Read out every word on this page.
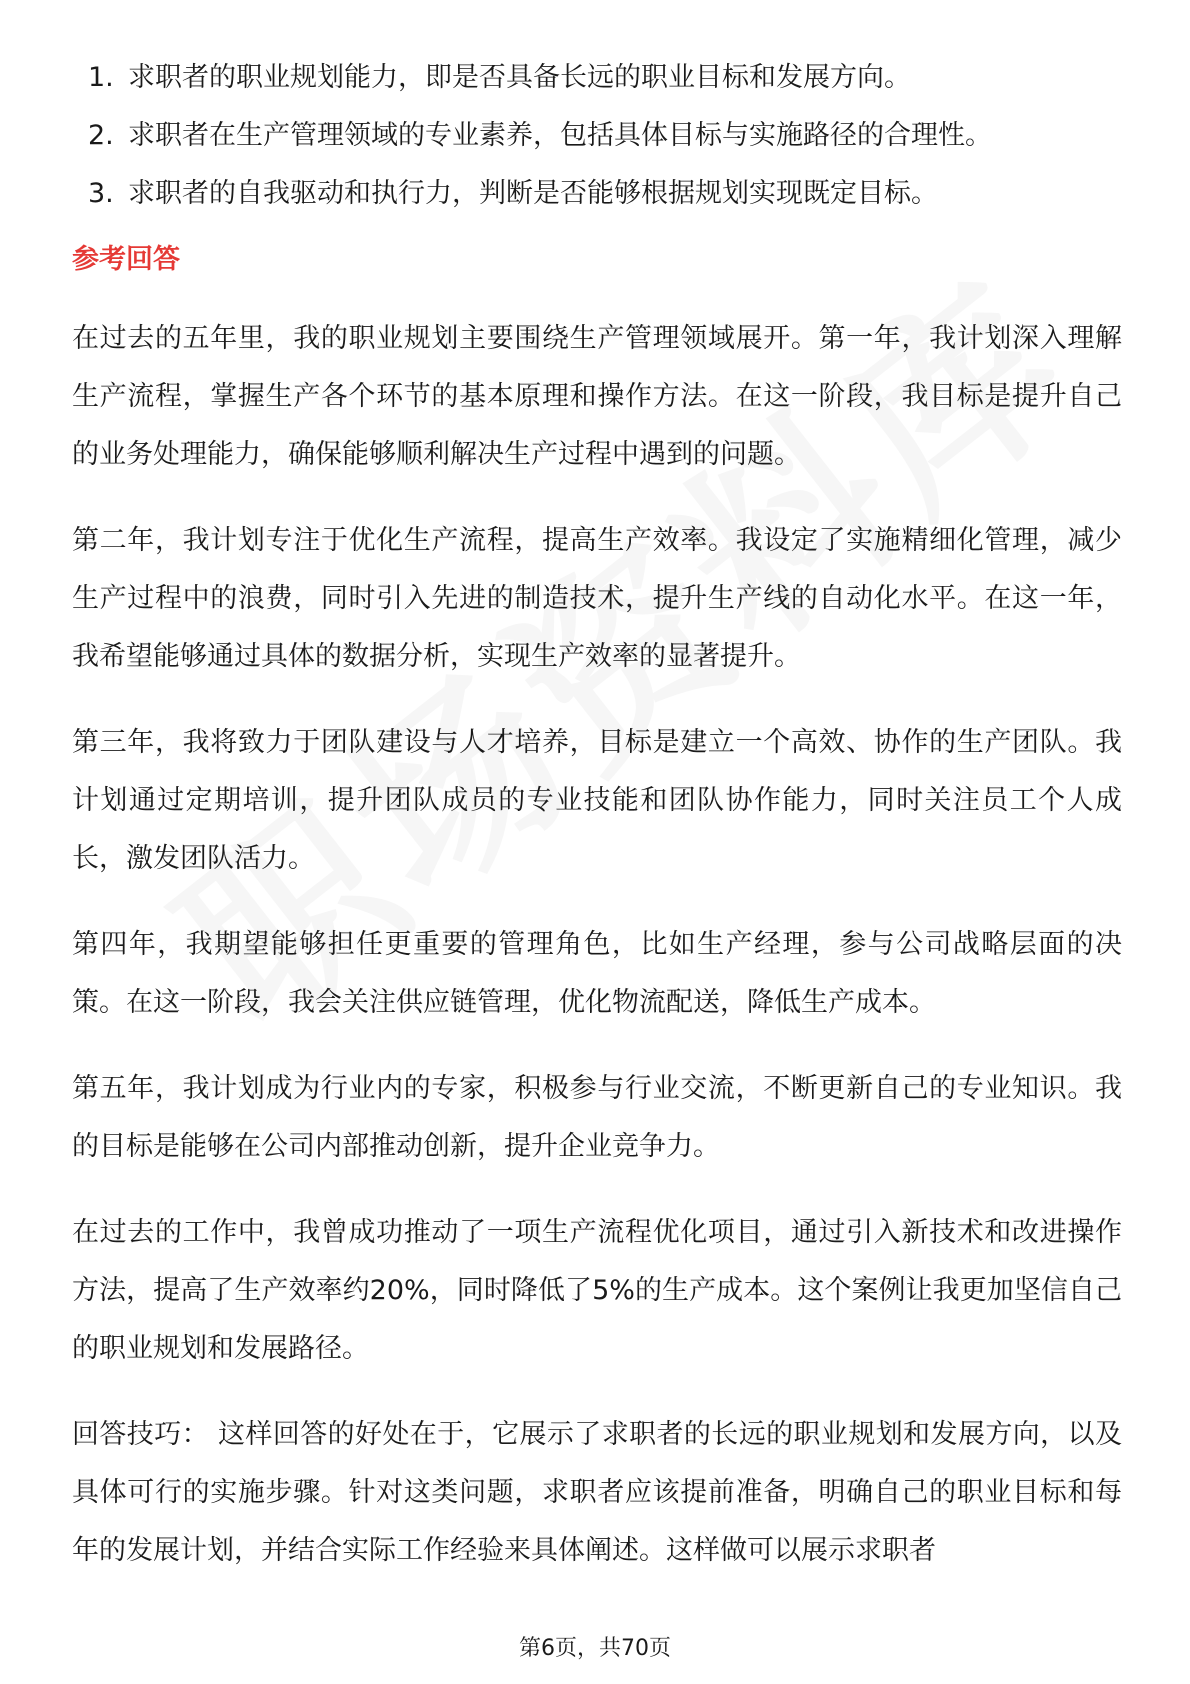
1. 求职者的职业规划能力，即是否具备长远的职业目标和发展方向。
2. 求职者在生产管理领域的专业素养，包括具体目标与实施路径的合理性。
3. 求职者的自我驱动和执行力，判断是否能够根据规划实现既定目标。
参考回答

在过去的五年里，我的职业规划主要围绕生产管理领域展开。第一年，我计划深入理解生产流程，掌握生产各个环节的基本原理和操作方法。在这一阶段，我目标是提升自己的业务处理能力，确保能够顺利解决生产过程中遇到的问题。

第二年，我计划专注于优化生产流程，提高生产效率。我设定了实施精细化管理，减少生产过程中的浪费，同时引入先进的制造技术，提升生产线的自动化水平。在这一年，我希望能够通过具体的数据分析，实现生产效率的显著提升。

第三年，我将致力于团队建设与人才培养，目标是建立一个高效、协作的生产团队。我计划通过定期培训，提升团队成员的专业技能和团队协作能力，同时关注员工个人成长，激发团队活力。

第四年，我期望能够担任更重要的管理角色，比如生产经理，参与公司战略层面的决策。在这一阶段，我会关注供应链管理，优化物流配送，降低生产成本。

第五年，我计划成为行业内的专家，积极参与行业交流，不断更新自己的专业知识。我的目标是能够在公司内部推动创新，提升企业竞争力。

在过去的工作中，我曾成功推动了一项生产流程优化项目，通过引入新技术和改进操作方法，提高了生产效率约20%，同时降低了5%的生产成本。这个案例让我更加坚信自己的职业规划和发展路径。

回答技巧： 这样回答的好处在于，它展示了求职者的长远的职业规划和发展方向，以及具体可行的实施步骤。针对这类问题，求职者应该提前准备，明确自己的职业目标和每年的发展计划，并结合实际工作经验来具体阐述。这样做可以展示求职者

第6页，共70页
